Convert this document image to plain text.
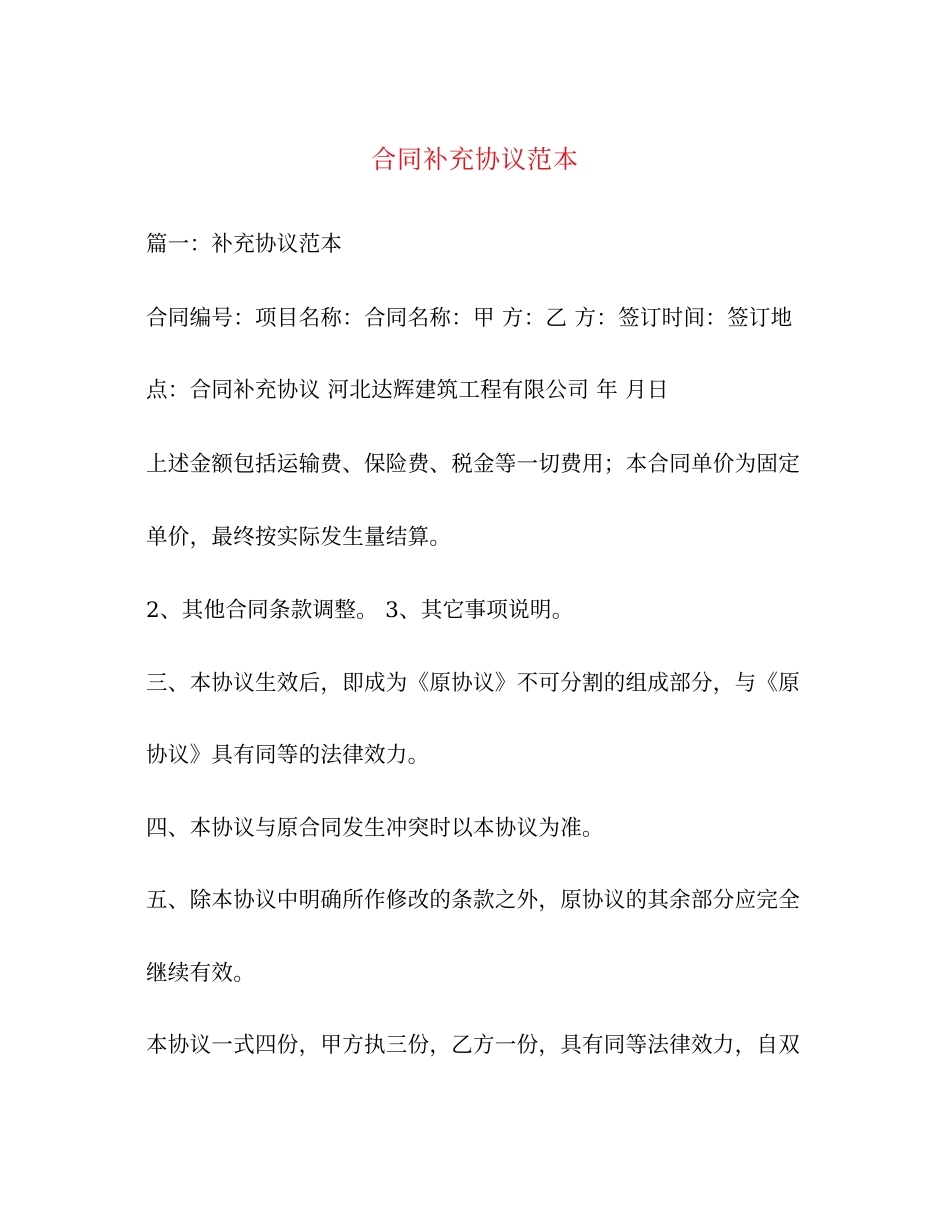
合同补充协议范本
篇一：补充协议范本
合同编号：项目名称：合同名称：甲 方：乙 方：签订时间：签订地
点：合同补充协议 河北达辉建筑工程有限公司 年 月日
上述金额包括运输费、保险费、税金等一切费用；本合同单价为固定
单价，最终按实际发生量结算。
2、其他合同条款调整。 3、其它事项说明。
三、本协议生效后，即成为《原协议》不可分割的组成部分，与《原
协议》具有同等的法律效力。
四、本协议与原合同发生冲突时以本协议为准。
五、除本协议中明确所作修改的条款之外，原协议的其余部分应完全
继续有效。
本协议一式四份，甲方执三份，乙方一份，具有同等法律效力，自双
